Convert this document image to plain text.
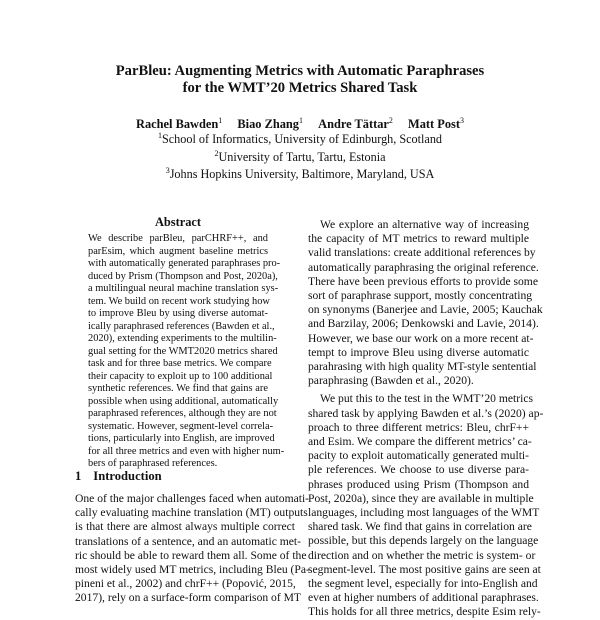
ParBleu: Augmenting Metrics with Automatic Paraphrases
for the WMT’20 Metrics Shared Task
Rachel Bawden$^1$ Biao Zhang$^1$ Andre Tättar$^2$ Matt Post$^3$
$^1$School of Informatics, University of Edinburgh, Scotland
$^2$University of Tartu, Tartu, Estonia
$^3$Johns Hopkins University, Baltimore, Maryland, USA
Abstract
We describe parBleu, parCHRF++, and
parEsim, which augment baseline metrics
with automatically generated paraphrases pro-
duced by Prism (Thompson and Post, 2020a),
a multilingual neural machine translation sys-
tem. We build on recent work studying how
to improve Bleu by using diverse automat-
ically paraphrased references (Bawden et al.,
2020), extending experiments to the multilin-
gual setting for the WMT2020 metrics shared
task and for three base metrics. We compare
their capacity to exploit up to 100 additional
synthetic references. We find that gains are
possible when using additional, automatically
paraphrased references, although they are not
systematic. However, segment-level correla-
tions, particularly into English, are improved
for all three metrics and even with higher num-
bers of paraphrased references.
1 Introduction
One of the major challenges faced when automati-
cally evaluating machine translation (MT) outputs
is that there are almost always multiple correct
translations of a sentence, and an automatic met-
ric should be able to reward them all. Some of the
most widely used MT metrics, including Bleu (Pa-
pineni et al., 2002) and chrF++ (Popović, 2015,
2017), rely on a surface-form comparison of MT
We explore an alternative way of increasing
the capacity of MT metrics to reward multiple
valid translations: create additional references by
automatically paraphrasing the original reference.
There have been previous efforts to provide some
sort of paraphrase support, mostly concentrating
on synonyms (Banerjee and Lavie, 2005; Kauchak
and Barzilay, 2006; Denkowski and Lavie, 2014).
However, we base our work on a more recent at-
tempt to improve Bleu using diverse automatic
parahrasing with high quality MT-style sentential
paraphrasing (Bawden et al., 2020).
We put this to the test in the WMT’20 metrics
shared task by applying Bawden et al.’s (2020) ap-
proach to three different metrics: Bleu, chrF++
and Esim. We compare the different metrics’ ca-
pacity to exploit automatically generated multi-
ple references. We choose to use diverse para-
phrases produced using Prism (Thompson and
Post, 2020a), since they are available in multiple
languages, including most languages of the WMT
shared task. We find that gains in correlation are
possible, but this depends largely on the language
direction and on whether the metric is system- or
segment-level. The most positive gains are seen at
the segment level, especially for into-English and
even at higher numbers of additional paraphrases.
This holds for all three metrics, despite Esim rely-
